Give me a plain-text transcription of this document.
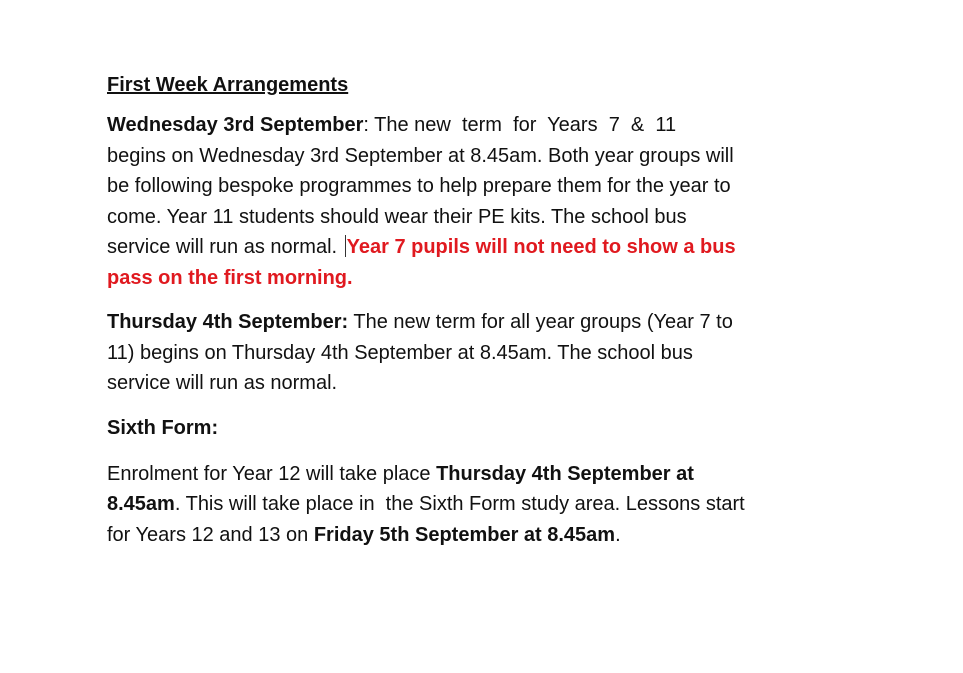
First Week Arrangements
Wednesday 3rd September: The new  term  for  Years  7  &  11
begins on Wednesday 3rd September at 8.45am. Both year groups will
be following bespoke programmes to help prepare them for the year to
come. Year 11 students should wear their PE kits. The school bus
service will run as normal. Year 7 pupils will not need to show a bus
pass on the first morning.
Thursday 4th September: The new term for all year groups (Year 7 to
11) begins on Thursday 4th September at 8.45am. The school bus
service will run as normal.
Sixth Form:
Enrolment for Year 12 will take place Thursday 4th September at
8.45am. This will take place in  the Sixth Form study area. Lessons start
for Years 12 and 13 on Friday 5th September at 8.45am.
